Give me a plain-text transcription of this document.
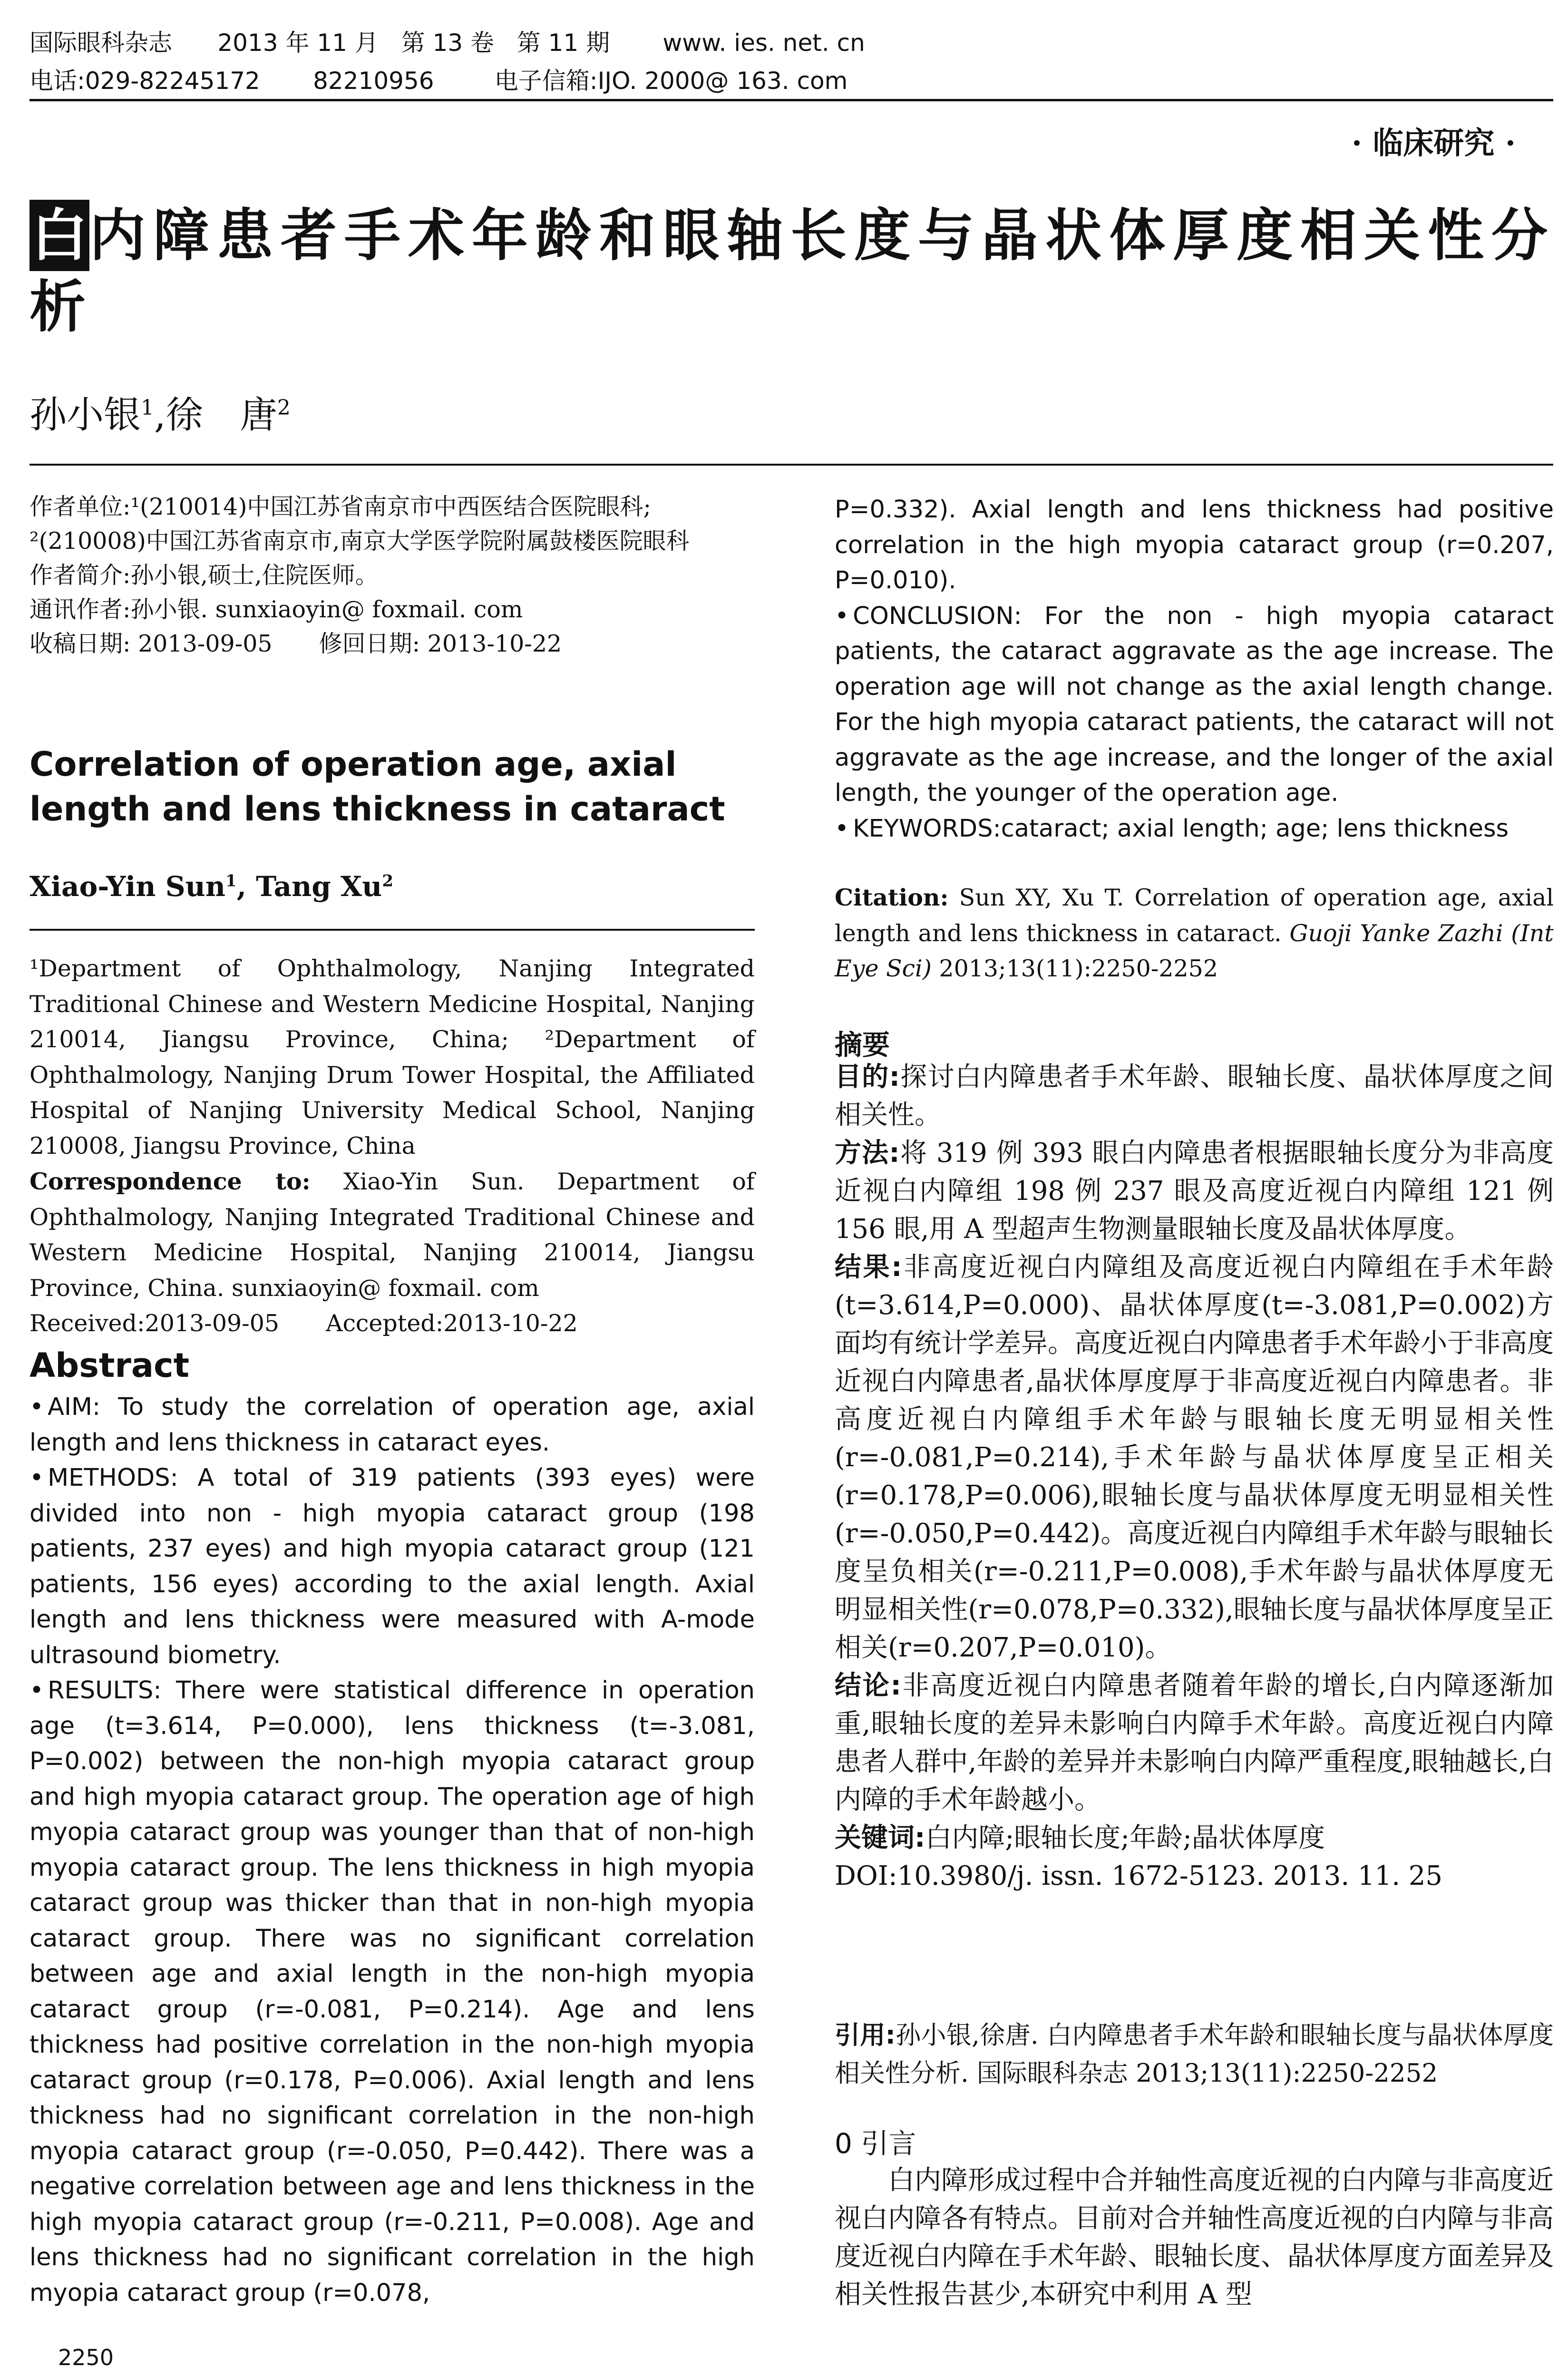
国际眼科杂志 2013 年 11 月 第 13 卷 第 11 期 www. ies. net. cn
电话:029-82245172 82210956	电子信箱:IJO. 2000@ 163. com
· 临床研究 ·
白内障患者手术年龄和眼轴长度与晶状体厚度相关性分析
孙小银$^1$,徐　唐$^2$

作者单位:¹(210014)中国江苏省南京市中西医结合医院眼科;

²(210008)中国江苏省南京市,南京大学医学院附属鼓楼医院眼科

作者简介:孙小银,硕士,住院医师。

通讯作者:孙小银. sunxiaoyin@ foxmail. com

收稿日期: 2013-09-05　　修回日期: 2013-10-22

Correlation of operation age, axial length and lens thickness in cataract
Xiao-Yin Sun$^1$, Tang Xu$^2$

¹Department of Ophthalmology, Nanjing Integrated Traditional Chinese and Western Medicine Hospital, Nanjing 210014, Jiangsu Province, China; ²Department of Ophthalmology, Nanjing Drum Tower Hospital, the Affiliated Hospital of Nanjing University Medical School, Nanjing 210008, Jiangsu Province, China

Correspondence to: Xiao-Yin Sun. Department of Ophthalmology, Nanjing Integrated Traditional Chinese and Western Medicine Hospital, Nanjing 210014, Jiangsu Province, China. sunxiaoyin@ foxmail. com

Received:2013-09-05　　Accepted:2013-10-22

Abstract

• AIM: To study the correlation of operation age, axial length and lens thickness in cataract eyes.

• METHODS: A total of 319 patients (393 eyes) were divided into non - high myopia cataract group (198 patients, 237 eyes) and high myopia cataract group (121 patients, 156 eyes) according to the axial length. Axial length and lens thickness were measured with A-mode ultrasound biometry.

• RESULTS: There were statistical difference in operation age (t=3.614, P=0.000), lens thickness (t=-3.081, P=0.002) between the non-high myopia cataract group and high myopia cataract group. The operation age of high myopia cataract group was younger than that of non-high myopia cataract group. The lens thickness in high myopia cataract group was thicker than that in non-high myopia cataract group. There was no significant correlation between age and axial length in the non-high myopia cataract group (r=-0.081, P=0.214). Age and lens thickness had positive correlation in the non-high myopia cataract group (r=0.178, P=0.006). Axial length and lens thickness had no significant correlation in the non-high myopia cataract group (r=-0.050, P=0.442). There was a negative correlation between age and lens thickness in the high myopia cataract group (r=-0.211, P=0.008). Age and lens thickness had no significant correlation in the high myopia cataract group (r=0.078,

2250

P=0.332). Axial length and lens thickness had positive correlation in the high myopia cataract group (r=0.207, P=0.010).

• CONCLUSION: For the non - high myopia cataract patients, the cataract aggravate as the age increase. The operation age will not change as the axial length change. For the high myopia cataract patients, the cataract will not aggravate as the age increase, and the longer of the axial length, the younger of the operation age.

• KEYWORDS:cataract; axial length; age; lens thickness

Citation: Sun XY, Xu T. Correlation of operation age, axial length and lens thickness in cataract. Guoji Yanke Zazhi (Int Eye Sci) 2013;13(11):2250-2252
摘要

目的:探讨白内障患者手术年龄、眼轴长度、晶状体厚度之间相关性。

方法:将 319 例 393 眼白内障患者根据眼轴长度分为非高度近视白内障组 198 例 237 眼及高度近视白内障组 121 例 156 眼,用 A 型超声生物测量眼轴长度及晶状体厚度。

结果:非高度近视白内障组及高度近视白内障组在手术年龄(t=3.614,P=0.000)、晶状体厚度(t=-3.081,P=0.002)方面均有统计学差异。高度近视白内障患者手术年龄小于非高度近视白内障患者,晶状体厚度厚于非高度近视白内障患者。非高度近视白内障组手术年龄与眼轴长度无明显相关性(r=-0.081,P=0.214),手术年龄与晶状体厚度呈正相关(r=0.178,P=0.006),眼轴长度与晶状体厚度无明显相关性(r=-0.050,P=0.442)。高度近视白内障组手术年龄与眼轴长度呈负相关(r=-0.211,P=0.008),手术年龄与晶状体厚度无明显相关性(r=0.078,P=0.332),眼轴长度与晶状体厚度呈正相关(r=0.207,P=0.010)。

结论:非高度近视白内障患者随着年龄的增长,白内障逐渐加重,眼轴长度的差异未影响白内障手术年龄。高度近视白内障患者人群中,年龄的差异并未影响白内障严重程度,眼轴越长,白内障的手术年龄越小。

关键词:白内障;眼轴长度;年龄;晶状体厚度

DOI:10.3980/j. issn. 1672-5123. 2013. 11. 25

引用:孙小银,徐唐. 白内障患者手术年龄和眼轴长度与晶状体厚度相关性分析. 国际眼科杂志 2013;13(11):2250-2252
0 引言
白内障形成过程中合并轴性高度近视的白内障与非高度近视白内障各有特点。目前对合并轴性高度近视的白内障与非高度近视白内障在手术年龄、眼轴长度、晶状体厚度方面差异及相关性报告甚少,本研究中利用 A 型
